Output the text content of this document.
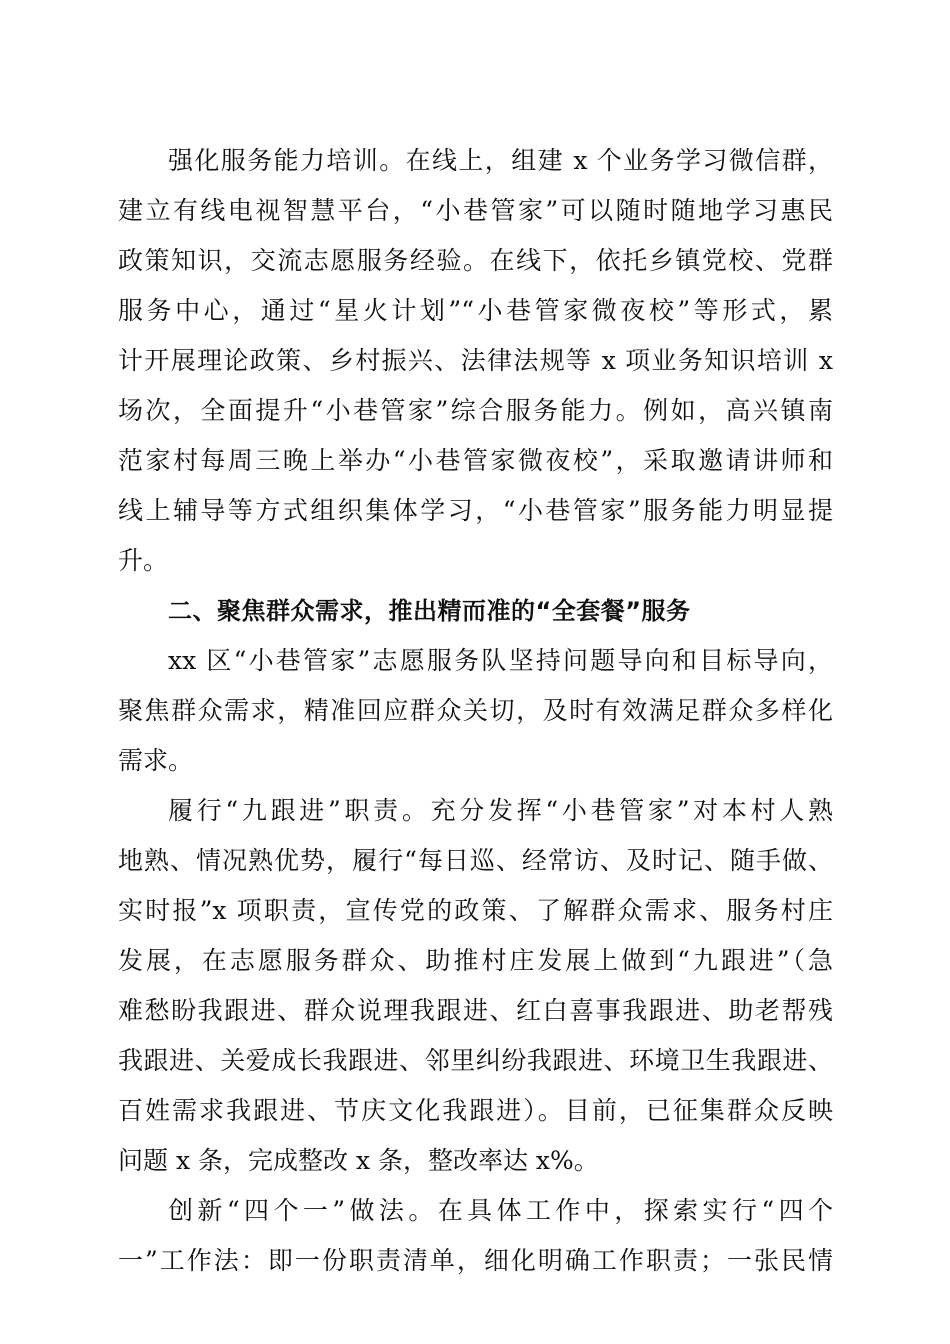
强化服务能力培训。在线上，组建 x 个业务学习微信群，
建立有线电视智慧平台，“小巷管家”可以随时随地学习惠民
政策知识，交流志愿服务经验。在线下，依托乡镇党校、党群
服务中心，通过“星火计划”“小巷管家微夜校”等形式，累
计开展理论政策、乡村振兴、法律法规等 x 项业务知识培训 x
场次，全面提升“小巷管家”综合服务能力。例如，高兴镇南
范家村每周三晚上举办“小巷管家微夜校”，采取邀请讲师和
线上辅导等方式组织集体学习，“小巷管家”服务能力明显提
升。
二、聚焦群众需求，推出精而准的“全套餐”服务
xx 区“小巷管家”志愿服务队坚持问题导向和目标导向，
聚焦群众需求，精准回应群众关切，及时有效满足群众多样化
需求。
履行“九跟进”职责。充分发挥“小巷管家”对本村人熟
地熟、情况熟优势，履行“每日巡、经常访、及时记、随手做、
实时报”x 项职责，宣传党的政策、了解群众需求、服务村庄
发展，在志愿服务群众、助推村庄发展上做到“九跟进”（急
难愁盼我跟进、群众说理我跟进、红白喜事我跟进、助老帮残
我跟进、关爱成长我跟进、邻里纠纷我跟进、环境卫生我跟进、
百姓需求我跟进、节庆文化我跟进）。目前，已征集群众反映
问题 x 条，完成整改 x 条，整改率达 x%。
创新“四个一”做法。在具体工作中，探索实行“四个
一”工作法：即一份职责清单，细化明确工作职责；一张民情
